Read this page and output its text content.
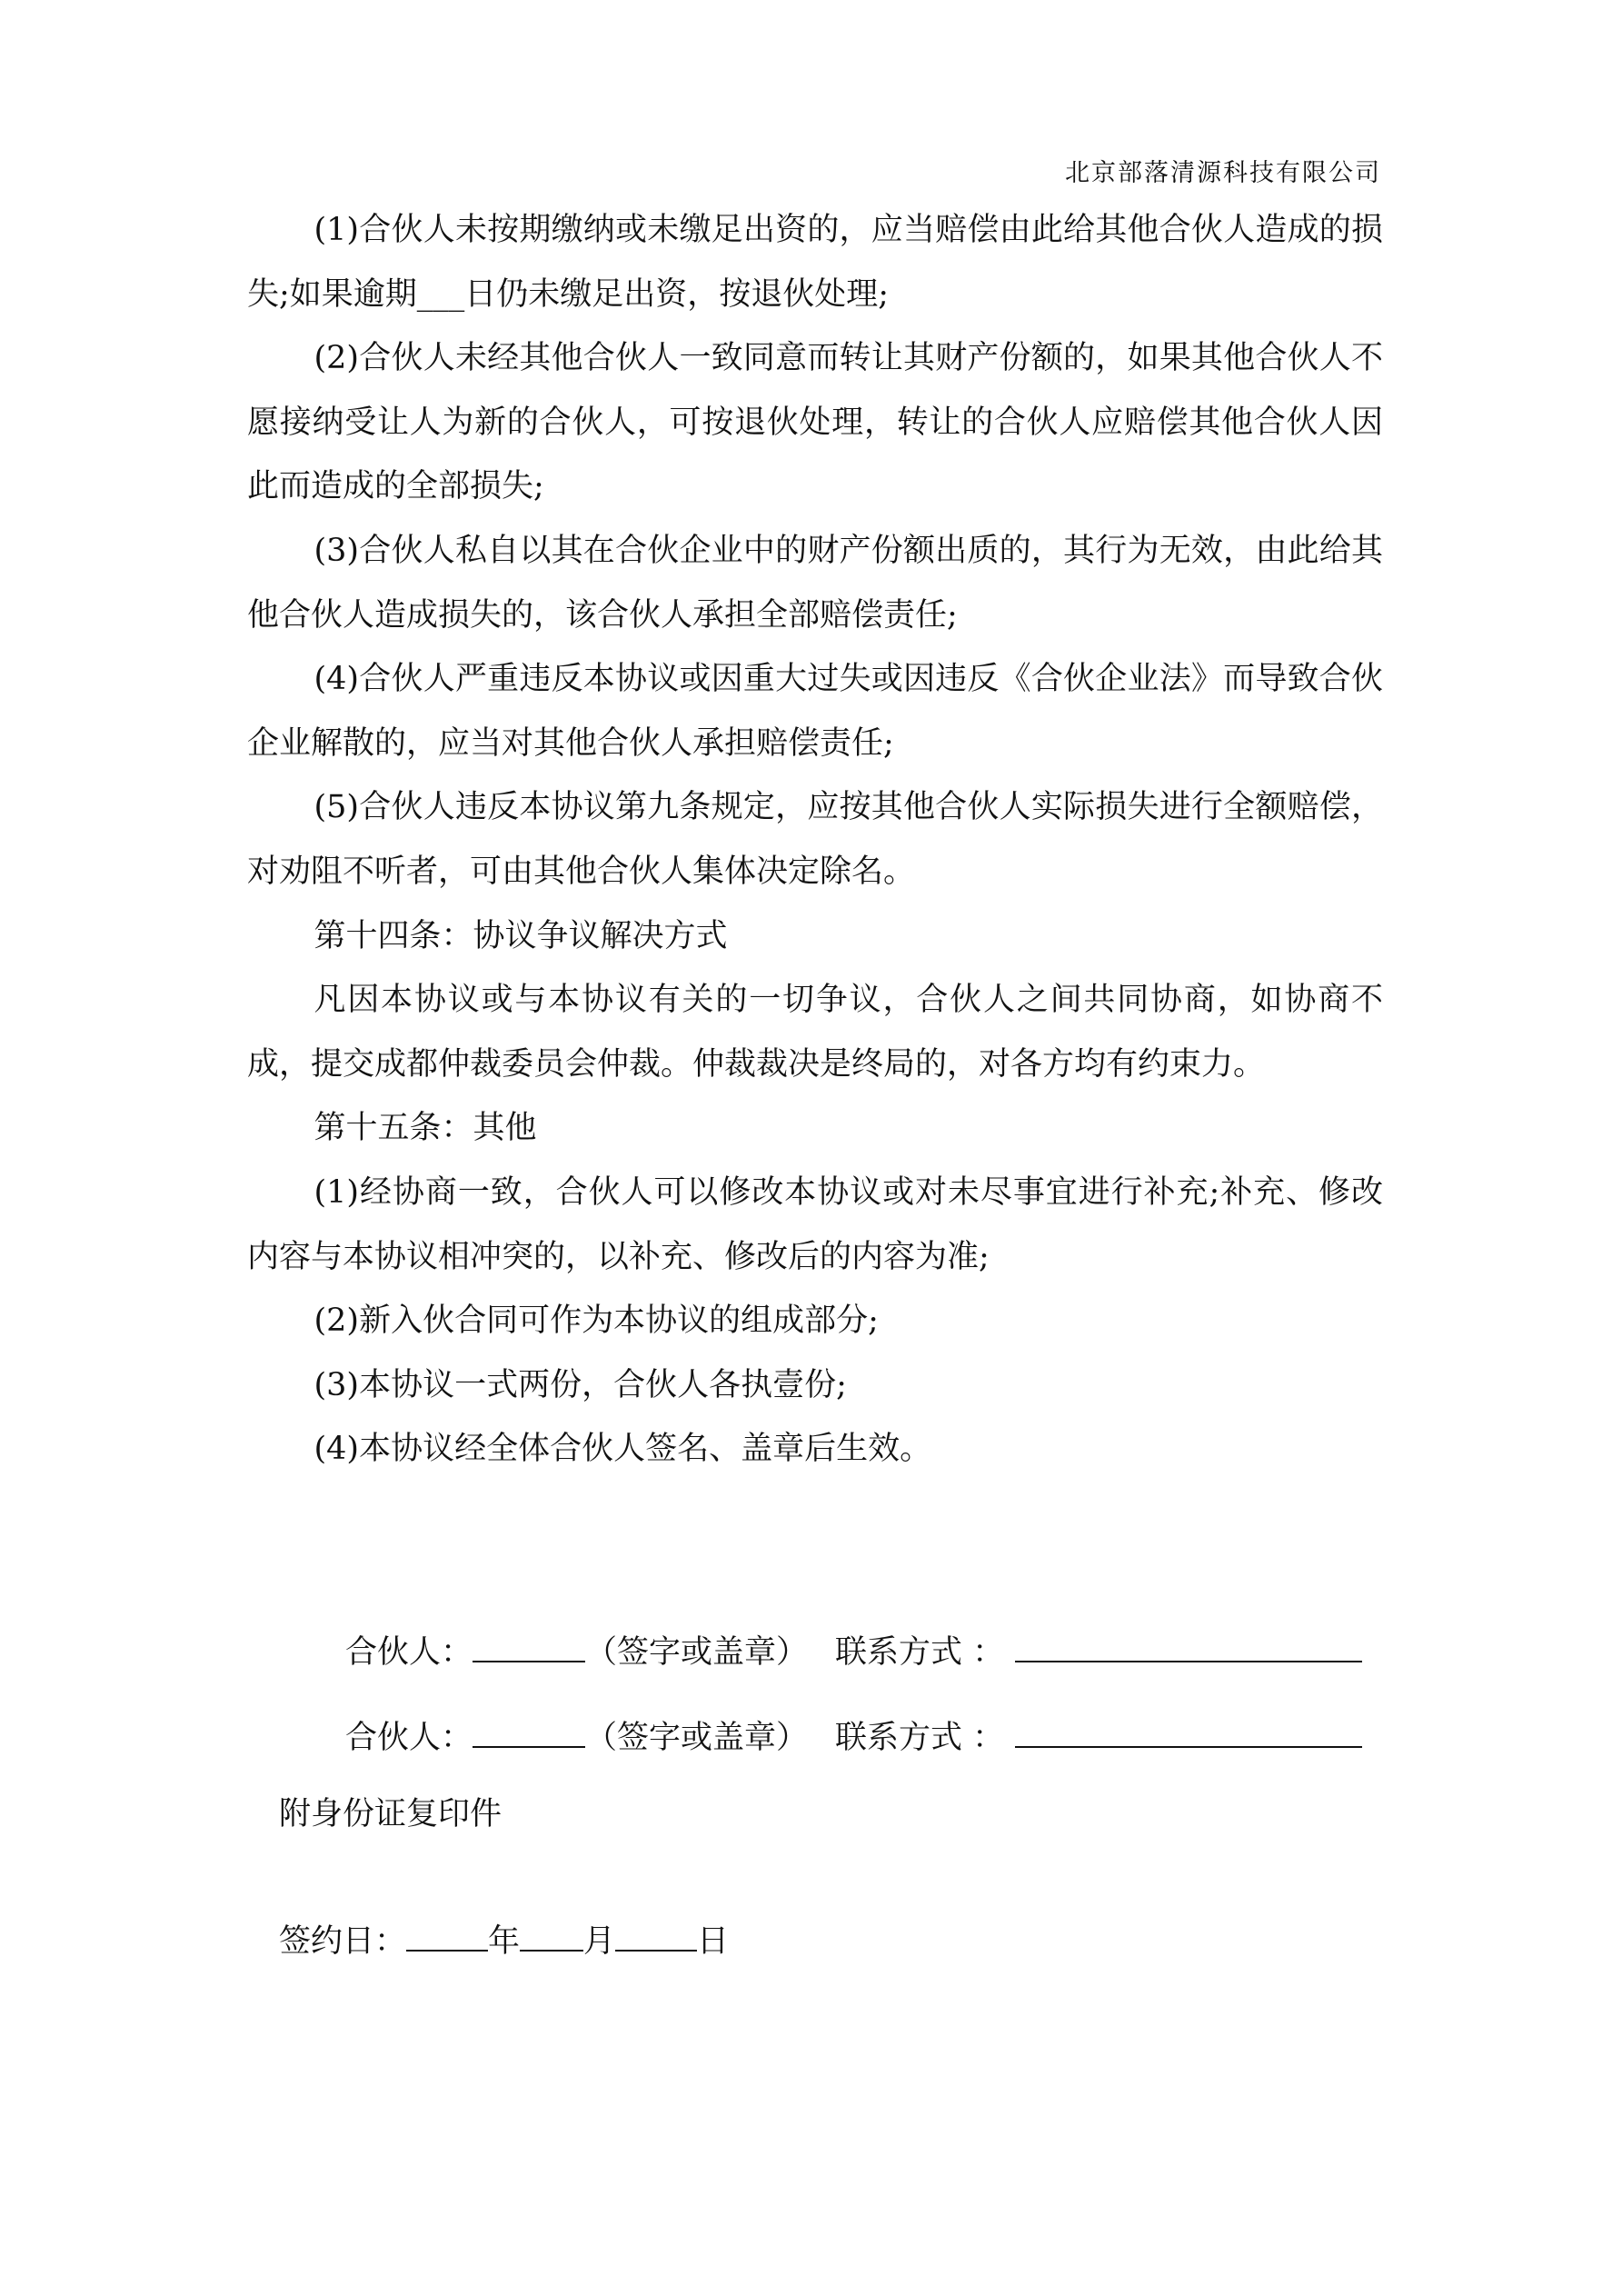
北京部落清源科技有限公司

(1)合伙人未按期缴纳或未缴足出资的，应当赔偿由此给其他合伙人造成的损失;如果逾期___日仍未缴足出资，按退伙处理;

(2)合伙人未经其他合伙人一致同意而转让其财产份额的，如果其他合伙人不愿接纳受让人为新的合伙人，可按退伙处理，转让的合伙人应赔偿其他合伙人因此而造成的全部损失;

(3)合伙人私自以其在合伙企业中的财产份额出质的，其行为无效，由此给其他合伙人造成损失的，该合伙人承担全部赔偿责任;

(4)合伙人严重违反本协议或因重大过失或因违反《合伙企业法》而导致合伙企业解散的，应当对其他合伙人承担赔偿责任;

(5)合伙人违反本协议第九条规定，应按其他合伙人实际损失进行全额赔偿，对劝阻不听者，可由其他合伙人集体决定除名。

第十四条：协议争议解决方式

凡因本协议或与本协议有关的一切争议，合伙人之间共同协商，如协商不成，提交成都仲裁委员会仲裁。仲裁裁决是终局的，对各方均有约束力。

第十五条：其他

(1)经协商一致，合伙人可以修改本协议或对未尽事宜进行补充;补充、修改内容与本协议相冲突的，以补充、修改后的内容为准;

(2)新入伙合同可作为本协议的组成部分;

(3)本协议一式两份，合伙人各执壹份;

(4)本协议经全体合伙人签名、盖章后生效。

合伙人：	（签字或盖章） 联系方式 ：
合伙人：	（签字或盖章） 联系方式 ：
附身份证复印件
签约日：	年 月	日
